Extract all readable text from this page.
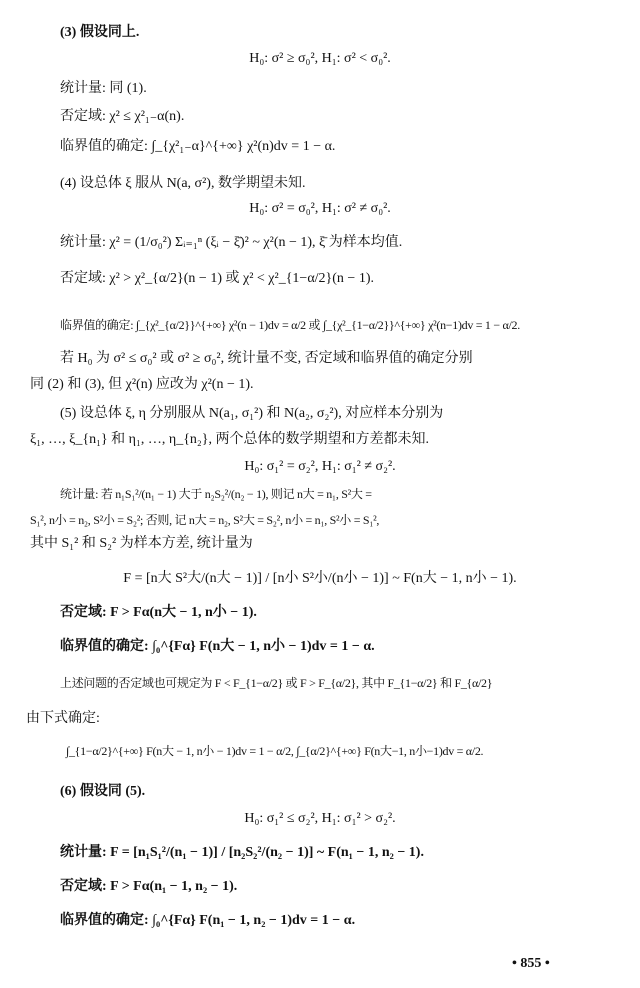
(3) 假设同上.
H₀: σ² ≥ σ₀², H₁: σ² < σ₀².
统计量: 同 (1).
否定域: χ² ≤ χ²₁₋α(n).
临界值的确定: ∫_{χ²₁₋α}^{+∞} χ²(n)dv = 1 − α.
(4) 设总体 ξ 服从 N(a, σ²), 数学期望未知.
H₀: σ² = σ₀², H₁: σ² ≠ σ₀².
统计量: χ² = (1/σ₀²) Σᵢ₌₁ⁿ (ξᵢ − ξ̄)² ~ χ²(n − 1), ξ̄ 为样本均值.
否定域: χ² > χ²_{α/2}(n − 1) 或 χ² < χ²_{1−α/2}(n − 1).
临界值的确定: ∫_{χ²_{α/2}}^{+∞} χ²(n − 1)dv = α/2 或 ∫_{χ²_{1−α/2}}^{+∞} χ²(n−1)dv = 1 − α/2.
若 H₀ 为 σ² ≤ σ₀² 或 σ² ≥ σ₀², 统计量不变, 否定域和临界值的确定分别
同 (2) 和 (3), 但 χ²(n) 应改为 χ²(n − 1).
(5) 设总体 ξ, η 分别服从 N(a₁, σ₁²) 和 N(a₂, σ₂²), 对应样本分别为
ξ₁, …, ξ_{n₁} 和 η₁, …, η_{n₂}, 两个总体的数学期望和方差都未知.
H₀: σ₁² = σ₂², H₁: σ₁² ≠ σ₂².
统计量: 若 n₁S₁²/(n₁ − 1) 大于 n₂S₂²/(n₂ − 1), 则记 n大 = n₁, S²大 =
S₁², n小 = n₂, S²小 = S₂²; 否则, 记 n大 = n₂, S²大 = S₂², n小 = n₁, S²小 = S₁²,
其中 S₁² 和 S₂² 为样本方差, 统计量为
F = [n大 S²大/(n大 − 1)] / [n小 S²小/(n小 − 1)] ~ F(n大 − 1, n小 − 1).
否定域: F > Fα(n大 − 1, n小 − 1).
临界值的确定: ∫₀^{Fα} F(n大 − 1, n小 − 1)dv = 1 − α.
上述问题的否定域也可规定为 F < F_{1−α/2} 或 F > F_{α/2}, 其中 F_{1−α/2} 和 F_{α/2}
由下式确定:
∫_{1−α/2}^{+∞} F(n大 − 1, n小 − 1)dv = 1 − α/2, ∫_{α/2}^{+∞} F(n大−1, n小−1)dv = α/2.
(6) 假设同 (5).
H₀: σ₁² ≤ σ₂², H₁: σ₁² > σ₂².
统计量: F = [n₁S₁²/(n₁ − 1)] / [n₂S₂²/(n₂ − 1)] ~ F(n₁ − 1, n₂ − 1).
否定域: F > Fα(n₁ − 1, n₂ − 1).
临界值的确定: ∫₀^{Fα} F(n₁ − 1, n₂ − 1)dv = 1 − α.
• 855 •
